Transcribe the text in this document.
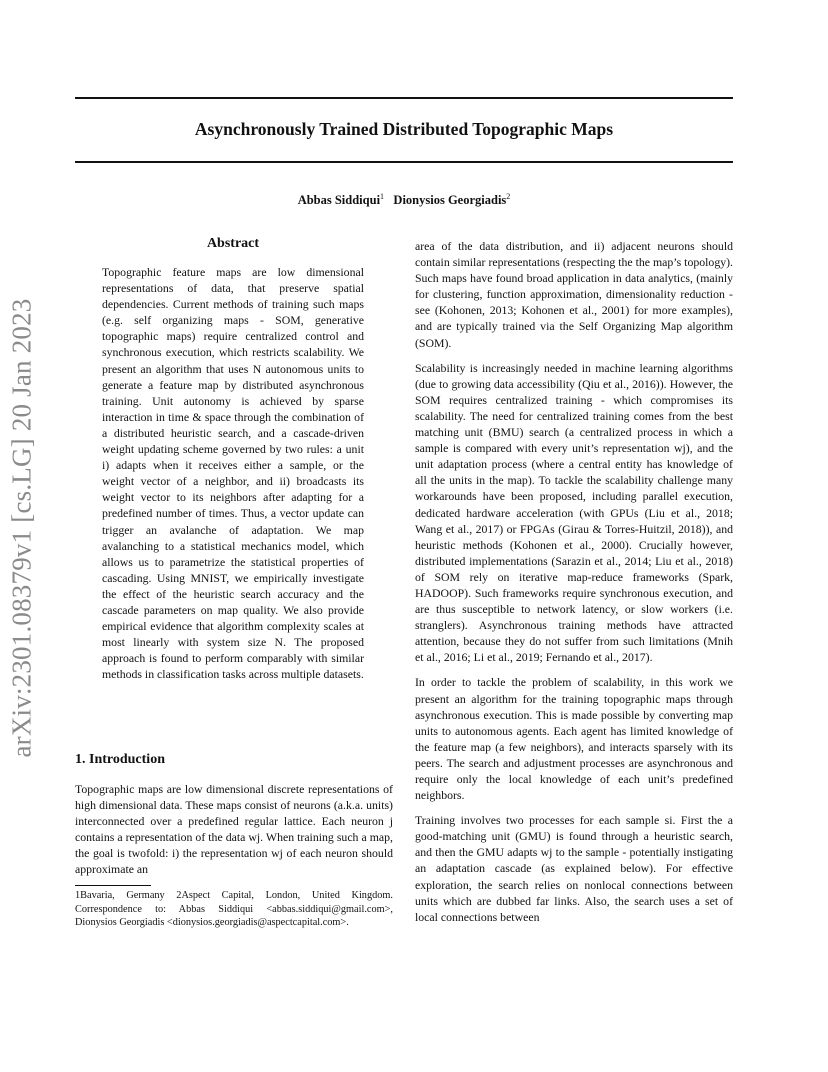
Asynchronously Trained Distributed Topographic Maps
Abbas Siddiqui$^1$ Dionysios Georgiadis$^2$
arXiv:2301.08379v1 [cs.LG] 20 Jan 2023
Abstract
Topographic feature maps are low dimensional representations of data, that preserve spatial dependencies. Current methods of training such maps (e.g. self organizing maps - SOM, generative topographic maps) require centralized control and synchronous execution, which restricts scalability. We present an algorithm that uses N autonomous units to generate a feature map by distributed asynchronous training. Unit autonomy is achieved by sparse interaction in time & space through the combination of a distributed heuristic search, and a cascade-driven weight updating scheme governed by two rules: a unit i) adapts when it receives either a sample, or the weight vector of a neighbor, and ii) broadcasts its weight vector to its neighbors after adapting for a predefined number of times. Thus, a vector update can trigger an avalanche of adaptation. We map avalanching to a statistical mechanics model, which allows us to parametrize the statistical properties of cascading. Using MNIST, we empirically investigate the effect of the heuristic search accuracy and the cascade parameters on map quality. We also provide empirical evidence that algorithm complexity scales at most linearly with system size N. The proposed approach is found to perform comparably with similar methods in classification tasks across multiple datasets.
1. Introduction
Topographic maps are low dimensional discrete representations of high dimensional data. These maps consist of neurons (a.k.a. units) interconnected over a predefined regular lattice. Each neuron j contains a representation of the data wj. When training such a map, the goal is twofold: i) the representation wj of each neuron should approximate an
1Bavaria, Germany 2Aspect Capital, London, United Kingdom. Correspondence to: Abbas Siddiqui <abbas.siddiqui@gmail.com>, Dionysios Georgiadis <dionysios.georgiadis@aspectcapital.com>.

area of the data distribution, and ii) adjacent neurons should contain similar representations (respecting the the map’s topology). Such maps have found broad application in data analytics, (mainly for clustering, function approximation, dimensionality reduction - see (Kohonen, 2013; Kohonen et al., 2001) for more examples), and are typically trained via the Self Organizing Map algorithm (SOM).

Scalability is increasingly needed in machine learning algorithms (due to growing data accessibility (Qiu et al., 2016)). However, the SOM requires centralized training - which compromises its scalability. The need for centralized training comes from the best matching unit (BMU) search (a centralized process in which a sample is compared with every unit’s representation wj), and the unit adaptation process (where a central entity has knowledge of all the units in the map). To tackle the scalability challenge many workarounds have been proposed, including parallel execution, dedicated hardware acceleration (with GPUs (Liu et al., 2018; Wang et al., 2017) or FPGAs (Girau & Torres-Huitzil, 2018)), and heuristic methods (Kohonen et al., 2000). Crucially however, distributed implementations (Sarazin et al., 2014; Liu et al., 2018) of SOM rely on iterative map-reduce frameworks (Spark, HADOOP). Such frameworks require synchronous execution, and are thus susceptible to network latency, or slow workers (i.e. stranglers). Asynchronous training methods have attracted attention, because they do not suffer from such limitations (Mnih et al., 2016; Li et al., 2019; Fernando et al., 2017).

In order to tackle the problem of scalability, in this work we present an algorithm for the training topographic maps through asynchronous execution. This is made possible by converting map units to autonomous agents. Each agent has limited knowledge of the feature map (a few neighbors), and interacts sparsely with its peers. The search and adjustment processes are asynchronous and require only the local knowledge of each unit’s predefined neighbors.

Training involves two processes for each sample si. First the a good-matching unit (GMU) is found through a heuristic search, and then the GMU adapts wj to the sample - potentially instigating an adaptation cascade (as explained below). For effective exploration, the search relies on nonlocal connections between units which are dubbed far links. Also, the search uses a set of local connections between
